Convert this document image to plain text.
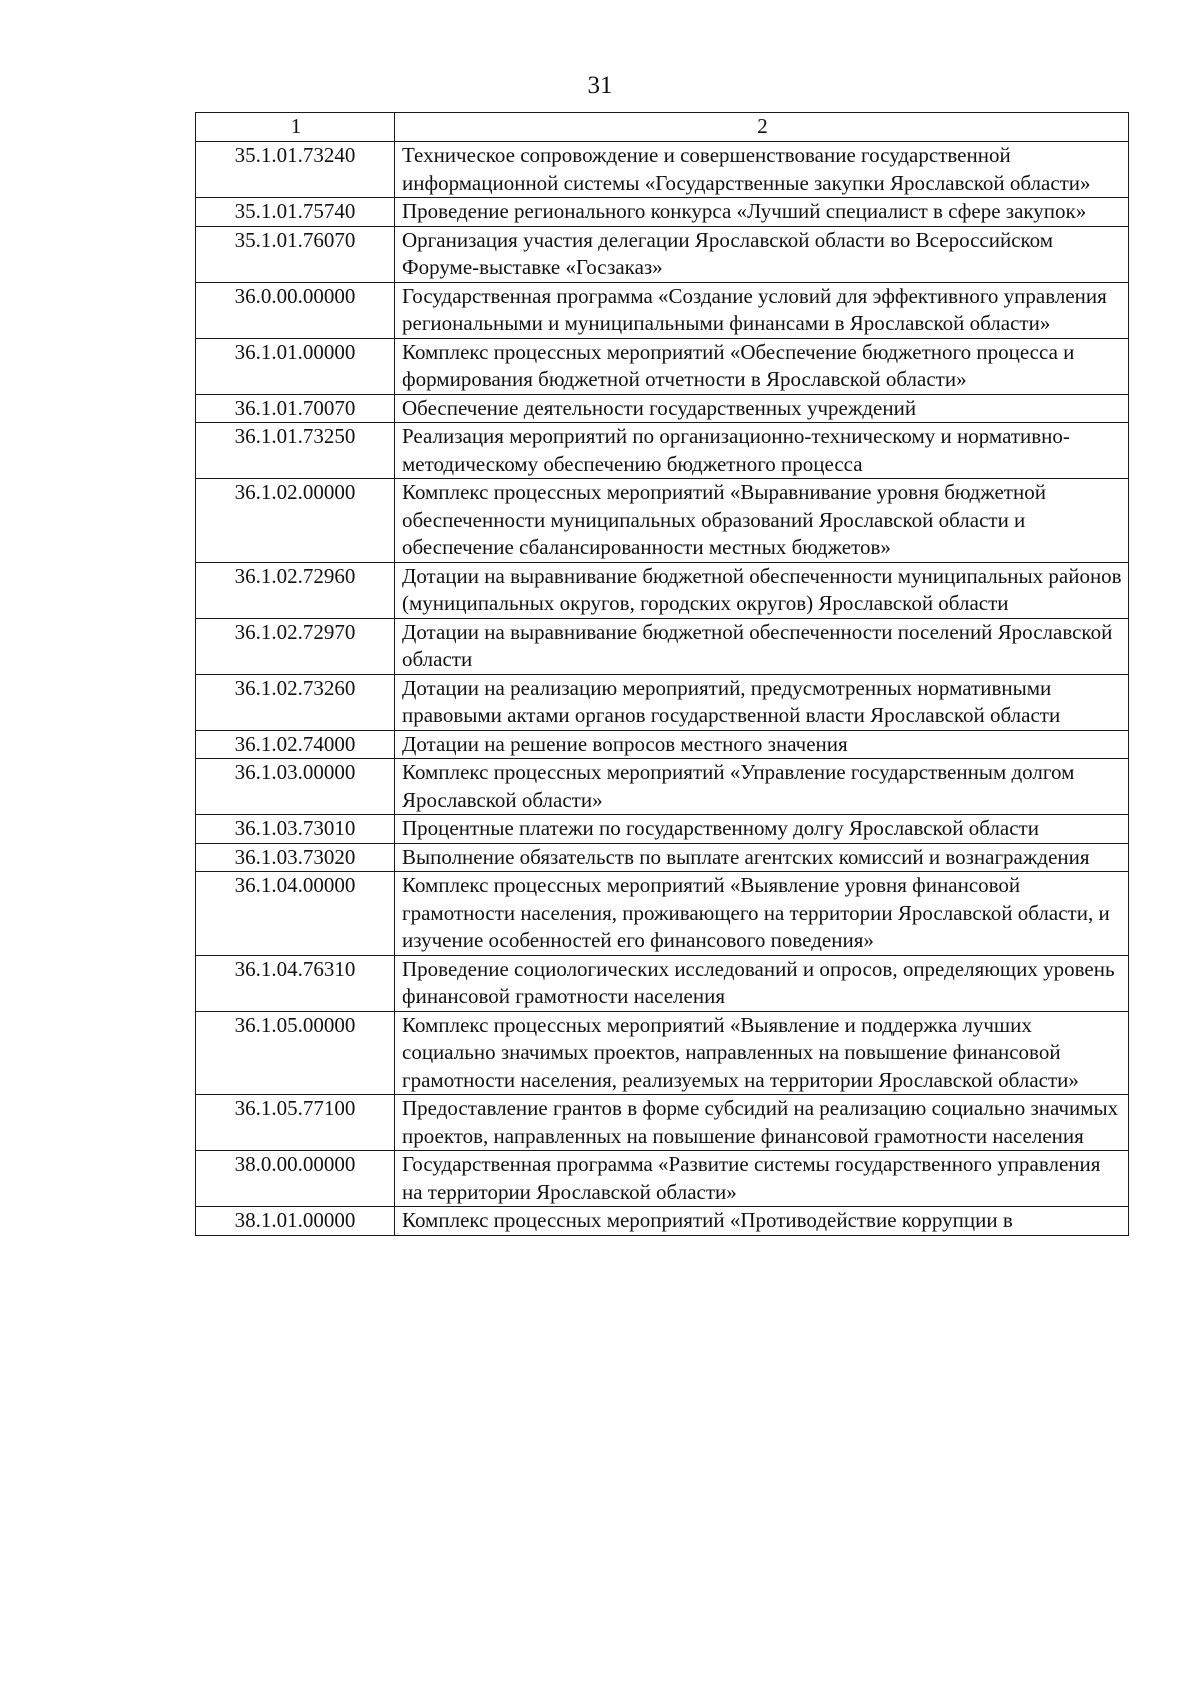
31
1	2
35.1.01.73240	Техническое сопровождение и совершенствование государственной информационной системы «Государственные закупки Ярославской области»
35.1.01.75740	Проведение регионального конкурса «Лучший специалист в сфере закупок»
35.1.01.76070	Организация участия делегации Ярославской области во Всероссийском Форуме-выставке «Госзаказ»
36.0.00.00000	Государственная программа «Создание условий для эффективного управления региональными и муниципальными финансами в Ярославской области»
36.1.01.00000	Комплекс процессных мероприятий «Обеспечение бюджетного процесса и формирования бюджетной отчетности в Ярославской области»
36.1.01.70070	Обеспечение деятельности государственных учреждений
36.1.01.73250	Реализация мероприятий по организационно-техническому и нормативно-методическому обеспечению бюджетного процесса
36.1.02.00000	Комплекс процессных мероприятий «Выравнивание уровня бюджетной обеспеченности муниципальных образований Ярославской области и обеспечение сбалансированности местных бюджетов»
36.1.02.72960	Дотации на выравнивание бюджетной обеспеченности муниципальных районов (муниципальных округов, городских округов) Ярославской области
36.1.02.72970	Дотации на выравнивание бюджетной обеспеченности поселений Ярославской области
36.1.02.73260	Дотации на реализацию мероприятий, предусмотренных нормативными правовыми актами органов государственной власти Ярославской области
36.1.02.74000	Дотации на решение вопросов местного значения
36.1.03.00000	Комплекс процессных мероприятий «Управление государственным долгом Ярославской области»
36.1.03.73010	Процентные платежи по государственному долгу Ярославской области
36.1.03.73020	Выполнение обязательств по выплате агентских комиссий и вознаграждения
36.1.04.00000	Комплекс процессных мероприятий «Выявление уровня финансовой грамотности населения, проживающего на территории Ярославской области, и изучение особенностей его финансового поведения»
36.1.04.76310	Проведение социологических исследований и опросов, определяющих уровень финансовой грамотности населения
36.1.05.00000	Комплекс процессных мероприятий «Выявление и поддержка лучших социально значимых проектов, направленных на повышение финансовой грамотности населения, реализуемых на территории Ярославской области»
36.1.05.77100	Предоставление грантов в форме субсидий на реализацию социально значимых проектов, направленных на повышение финансовой грамотности населения
38.0.00.00000	Государственная программа «Развитие системы государственного управления на территории Ярославской области»
38.1.01.00000	Комплекс процессных мероприятий «Противодействие коррупции в
